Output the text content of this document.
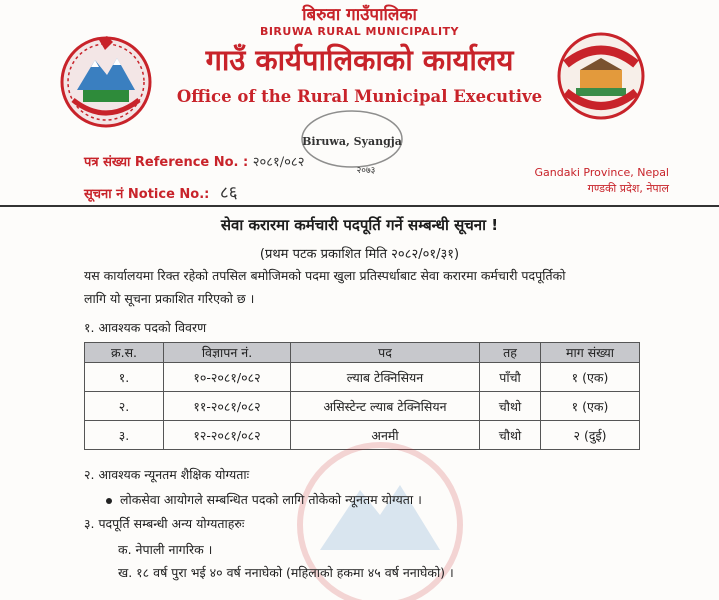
बिरुवा गाउँपालिका
BIRUWA RURAL MUNICIPALITY
गाउँ कार्यपालिकाको कार्यालय
Office of the Rural Municipal Executive
Biruwa, Syangja
२०७३
पत्र संख्या Reference No. : २०८१/०८२
सूचना नं Notice No.: ८६
Gandaki Province, Nepal
गण्डकी प्रदेश, नेपाल
सेवा करारमा कर्मचारी पदपूर्ति गर्ने सम्बन्धी सूचना !
(प्रथम पटक प्रकाशित मिति २०८२/०१/३१)
यस कार्यालयमा रिक्त रहेको तपसिल बमोजिमको पदमा खुला प्रतिस्पर्धाबाट सेवा करारमा कर्मचारी पदपूर्तिको
लागि यो सूचना प्रकाशित गरिएको छ ।
१. आवश्यक पदको विवरण
क्र.स.	विज्ञापन नं.	पद	तह	माग संख्या
१.	१०-२०८१/०८२	ल्याब टेक्निसियन	पाँचौ	१ (एक)
२.	११-२०८१/०८२	असिस्टेन्ट ल्याब टेक्निसियन	चौथो	१ (एक)
३.	१२-२०८१/०८२	अनमी	चौथो	२ (दुई)
२. आवश्यक न्यूनतम शैक्षिक योग्यताः
लोकसेवा आयोगले सम्बन्धित पदको लागि तोकेको न्यूनतम योग्यता ।
३. पदपूर्ति सम्बन्धी अन्य योग्यताहरुः
क. नेपाली नागरिक ।
ख. १८ वर्ष पुरा भई ४० वर्ष ननाघेको (महिलाको हकमा ४५ वर्ष ननाघेको) ।
